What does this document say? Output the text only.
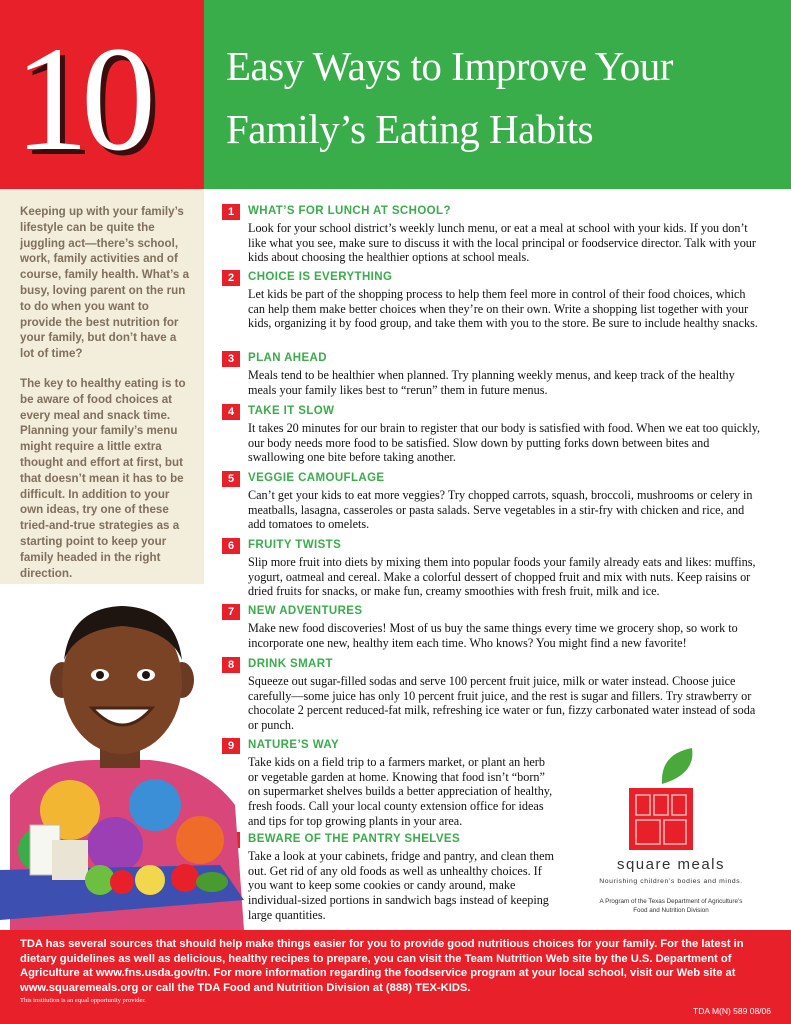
10	Easy Ways to Improve Your
Family’s Eating Habits

Keeping up with your family’s lifestyle can be quite the juggling act—there’s school, work, family activities and of course, family health. What’s a busy, loving parent on the run to do when you want to provide the best nutrition for your family, but don’t have a lot of time?

The key to healthy eating is to be aware of food choices at every meal and snack time. Planning your family’s menu might require a little extra thought and effort at first, but that doesn’t mean it has to be difficult. In addition to your own ideas, try one of these tried-and-true strategies as a starting point to keep your family headed in the right direction.

1	WHAT’S FOR LUNCH AT SCHOOL?
Look for your school district’s weekly lunch menu, or eat a meal at school with your kids. If you don’t like what you see, make sure to discuss it with the local principal or foodservice director. Talk with your kids about choosing the healthier options at school meals.
2	CHOICE IS EVERYTHING
Let kids be part of the shopping process to help them feel more in control of their food choices, which can help them make better choices when they’re on their own. Write a shopping list together with your kids, organizing it by food group, and take them with you to the store. Be sure to include healthy snacks.
3	PLAN AHEAD
Meals tend to be healthier when planned. Try planning weekly menus, and keep track of the healthy meals your family likes best to “rerun” them in future menus.
4	TAKE IT SLOW
It takes 20 minutes for our brain to register that our body is satisfied with food. When we eat too quickly, our body needs more food to be satisfied. Slow down by putting forks down between bites and swallowing one bite before taking another.
5	VEGGIE CAMOUFLAGE
Can’t get your kids to eat more veggies? Try chopped carrots, squash, broccoli, mushrooms or celery in meatballs, lasagna, casseroles or pasta salads. Serve vegetables in a stir-fry with chicken and rice, and add tomatoes to omelets.
6	FRUITY TWISTS
Slip more fruit into diets by mixing them into popular foods your family already eats and likes: muffins, yogurt, oatmeal and cereal. Make a colorful dessert of chopped fruit and mix with nuts. Keep raisins or dried fruits for snacks, or make fun, creamy smoothies with fresh fruit, milk and ice.
7	NEW ADVENTURES
Make new food discoveries! Most of us buy the same things every time we grocery shop, so work to incorporate one new, healthy item each time. Who knows? You might find a new favorite!
8	DRINK SMART
Squeeze out sugar-filled sodas and serve 100 percent fruit juice, milk or water instead. Choose juice carefully—some juice has only 10 percent fruit juice, and the rest is sugar and fillers. Try strawberry or chocolate 2 percent reduced-fat milk, refreshing ice water or fun, fizzy carbonated water instead of soda or punch.
9	NATURE’S WAY
Take kids on a field trip to a farmers market, or plant an herb or vegetable garden at home. Knowing that food isn’t “born” on supermarket shelves builds a better appreciation of healthy, fresh foods. Call your local county extension office for ideas and tips for top growing plants in your area.
BEWARE OF THE PANTRY SHELVES
Take a look at your cabinets, fridge and pantry, and clean them out. Get rid of any old foods as well as unhealthy choices. If you want to keep some cookies or candy around, make individual-sized portions in sandwich bags instead of keeping large quantities.
square meals
Nourishing children’s bodies and minds.
A Program of the Texas Department of Agriculture’s
Food and Nutrition Division
TDA has several sources that should help make things easier for you to provide good nutritious choices for your family. For the latest in dietary guidelines as well as delicious, healthy recipes to prepare, you can visit the Team Nutrition Web site by the U.S. Department of Agriculture at www.fns.usda.gov/tn. For more information regarding the foodservice program at your local school, visit our Web site at www.squaremeals.org or call the TDA Food and Nutrition Division at (888) TEX-KIDS.
This institution is an equal opportunity provider.
TDA M(N) 589 08/06
